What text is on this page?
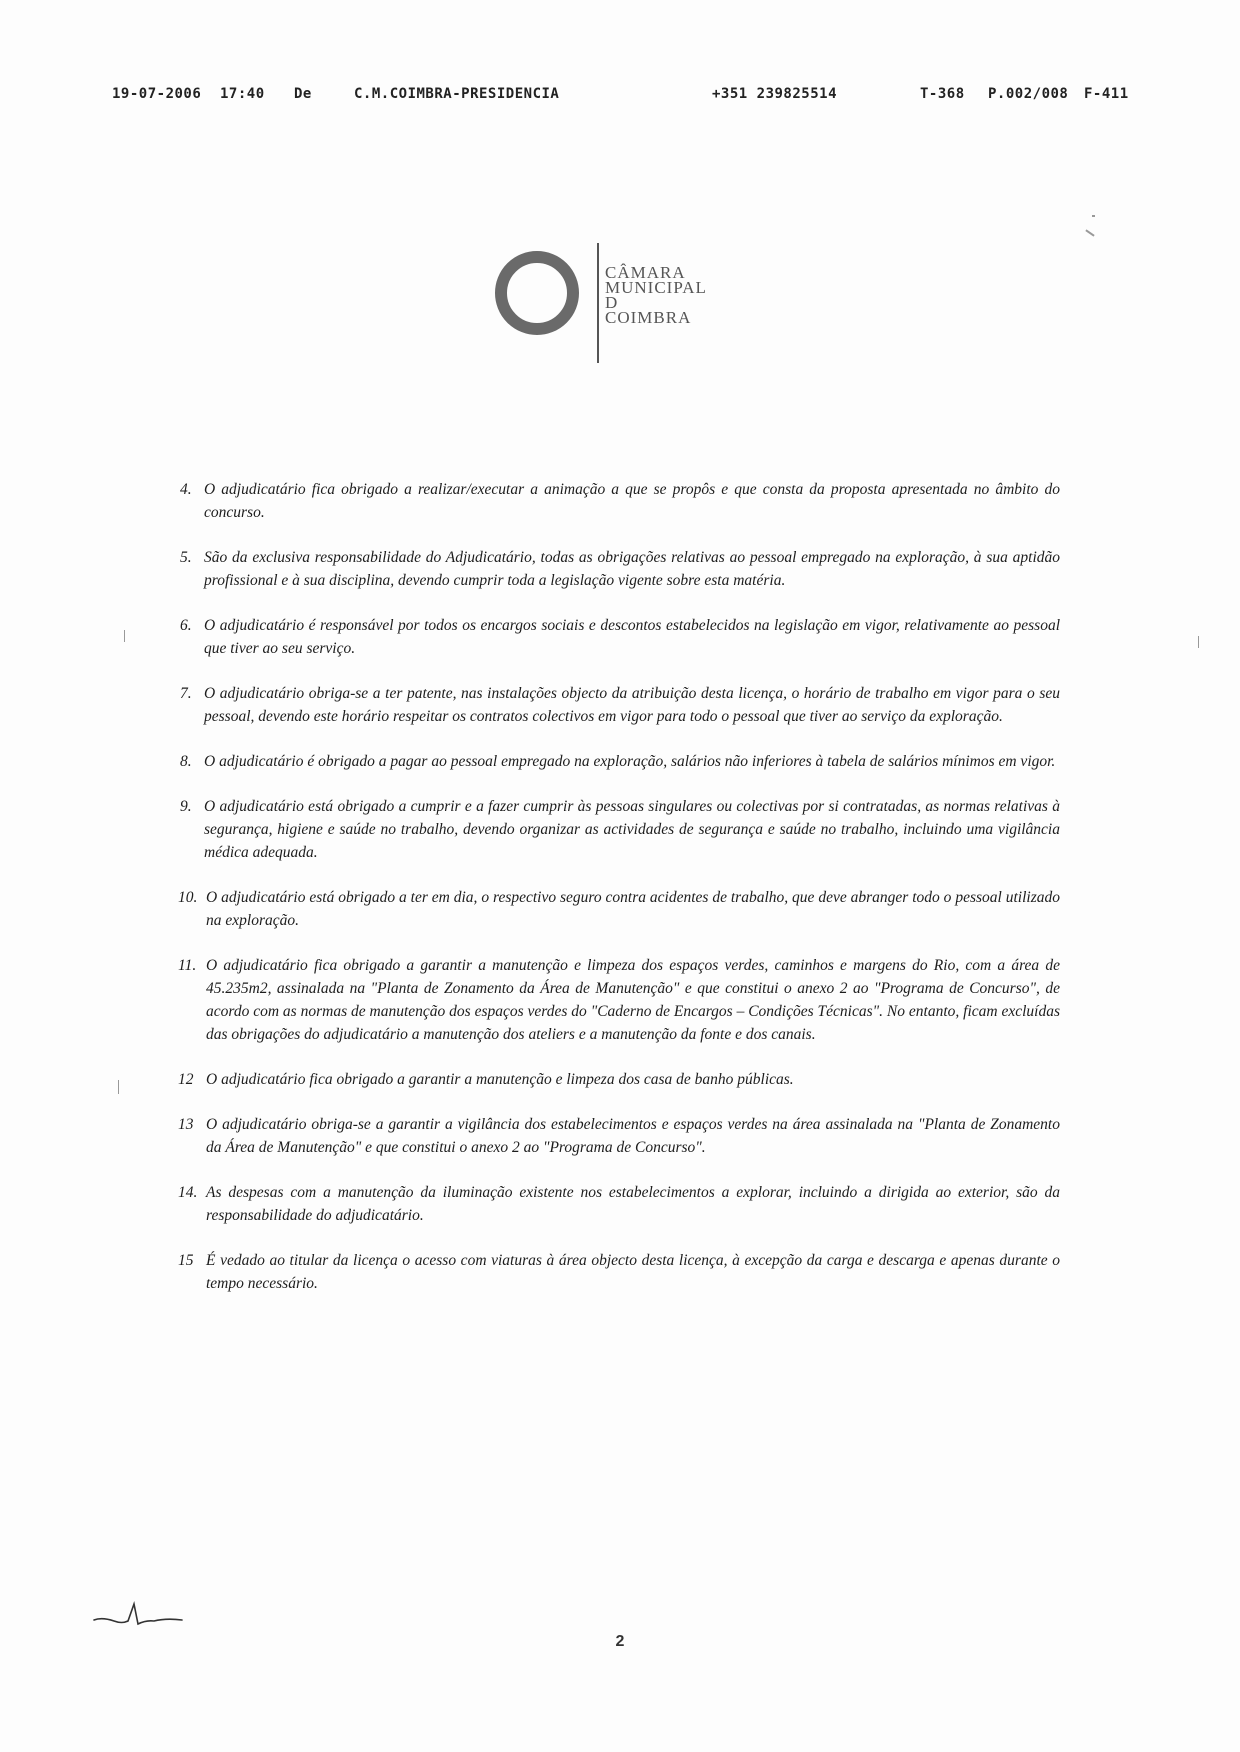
19-07-2006 17:40 De	C.M.COIMBRA-PRESIDENCIA	+351 239825514	T-368 P.002/008 F-411
CÂMARA
MUNICIPAL
D
COIMBRA
4. O adjudicatário fica obrigado a realizar/executar a animação a que se propôs e que consta da proposta apresentada no âmbito do concurso.
5. São da exclusiva responsabilidade do Adjudicatário, todas as obrigações relativas ao pessoal empregado na exploração, à sua aptidão profissional e à sua disciplina, devendo cumprir toda a legislação vigente sobre esta matéria.
6. O adjudicatário é responsável por todos os encargos sociais e descontos estabelecidos na legislação em vigor, relativamente ao pessoal que tiver ao seu serviço.
7. O adjudicatário obriga-se a ter patente, nas instalações objecto da atribuição desta licença, o horário de trabalho em vigor para o seu pessoal, devendo este horário respeitar os contratos colectivos em vigor para todo o pessoal que tiver ao serviço da exploração.
8. O adjudicatário é obrigado a pagar ao pessoal empregado na exploração, salários não inferiores à tabela de salários mínimos em vigor.
9. O adjudicatário está obrigado a cumprir e a fazer cumprir às pessoas singulares ou colectivas por si contratadas, as normas relativas à segurança, higiene e saúde no trabalho, devendo organizar as actividades de segurança e saúde no trabalho, incluindo uma vigilância médica adequada.
10. O adjudicatário está obrigado a ter em dia, o respectivo seguro contra acidentes de trabalho, que deve abranger todo o pessoal utilizado na exploração.
11. O adjudicatário fica obrigado a garantir a manutenção e limpeza dos espaços verdes, caminhos e margens do Rio, com a área de 45.235m2, assinalada na "Planta de Zonamento da Área de Manutenção" e que constitui o anexo 2 ao "Programa de Concurso", de acordo com as normas de manutenção dos espaços verdes do "Caderno de Encargos – Condições Técnicas". No entanto, ficam excluídas das obrigações do adjudicatário a manutenção dos ateliers e a manutenção da fonte e dos canais.
12 O adjudicatário fica obrigado a garantir a manutenção e limpeza dos casa de banho públicas.
13 O adjudicatário obriga-se a garantir a vigilância dos estabelecimentos e espaços verdes na área assinalada na "Planta de Zonamento da Área de Manutenção" e que constitui o anexo 2 ao "Programa de Concurso".
14. As despesas com a manutenção da iluminação existente nos estabelecimentos a explorar, incluindo a dirigida ao exterior, são da responsabilidade do adjudicatário.
15 É vedado ao titular da licença o acesso com viaturas à área objecto desta licença, à excepção da carga e descarga e apenas durante o tempo necessário.
2
